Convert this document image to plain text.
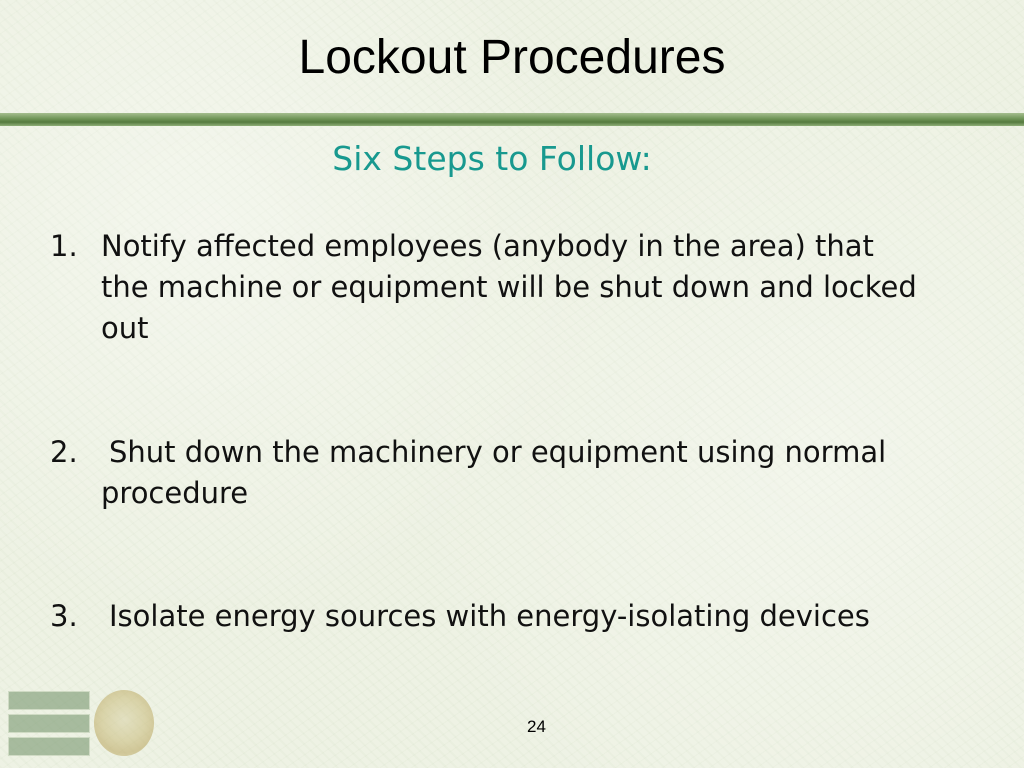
Lockout Procedures
Six Steps to Follow:
1. Notify affected employees (anybody in the area) that the machine or equipment will be shut down and locked out
2. Shut down the machinery or equipment using normal procedure
3. Isolate energy sources with energy-isolating devices
24
